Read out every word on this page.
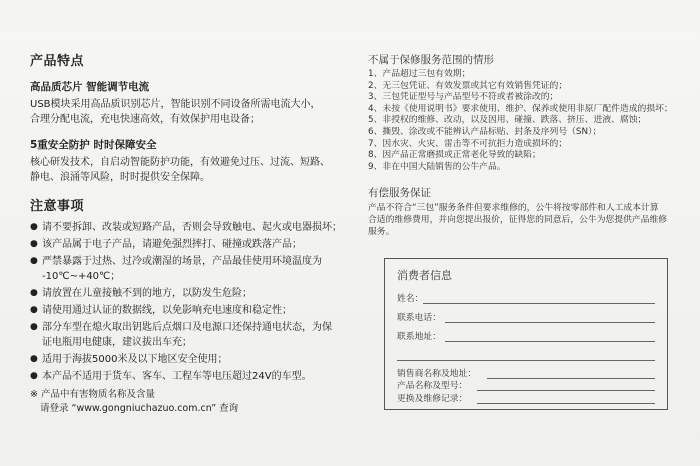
产品特点
高品质芯片 智能调节电流

USB模块采用高品质识别芯片，智能识别不同设备所需电流大小，

合理分配电流，充电快速高效，有效保护用电设备；

5重安全防护 时时保障安全

核心研发技术，自启动智能防护功能，有效避免过压、过流、短路、

静电、浪涌等风险，时时提供安全保障。

注意事项
● 请不要拆卸、改装或短路产品，否则会导致触电、起火或电器损坏；
● 该产品属于电子产品，请避免强烈摔打、碰撞或跌落产品；
● 严禁暴露于过热、过冷或潮湿的场景，产品最佳使用环境温度为
-10℃~+40℃；
● 请放置在儿童接触不到的地方，以防发生危险；
● 请使用通过认证的数据线，以免影响充电速度和稳定性；
● 部分车型在熄火取出钥匙后点烟口及电源口还保持通电状态，为保
证电瓶用电健康，建议拔出车充；
● 适用于海拔5000米及以下地区安全使用；
● 本产品不适用于货车、客车、工程车等电压超过24V的车型。
※ 产品中有害物质名称及含量
请登录 “www.gongniuchazuo.com.cn” 查询
不属于保修服务范围的情形
1、产品超过三包有效期；
2、无三包凭证、有效发票或其它有效销售凭证的；
3、三包凭证型号与产品型号不符或者被涂改的；
4、未按《使用说明书》要求使用、维护、保养或使用非原厂配件造成的损坏；
5、非授权的维修、改动，以及因用、碰撞、跌落、挤压、进液、腐蚀；
6、撕毁、涂改或不能辨认产品标贴、封条及序列号（SN）；
7、因水灾、火灾、雷击等不可抗拒力造成损坏的；
8、因产品正常磨损或正常老化导致的缺陷；
9、非在中国大陆销售的公牛产品。
有偿服务保证

产品不符合“三包”服务条件但要求维修的，公牛将按零部件和人工成本计算

合适的维修费用，并向您提出报价，征得您的同意后，公牛为您提供产品维修

服务。

消费者信息
姓名：
联系电话：
联系地址：
销售商名称及地址：
产品名称及型号：
更换及维修记录：
